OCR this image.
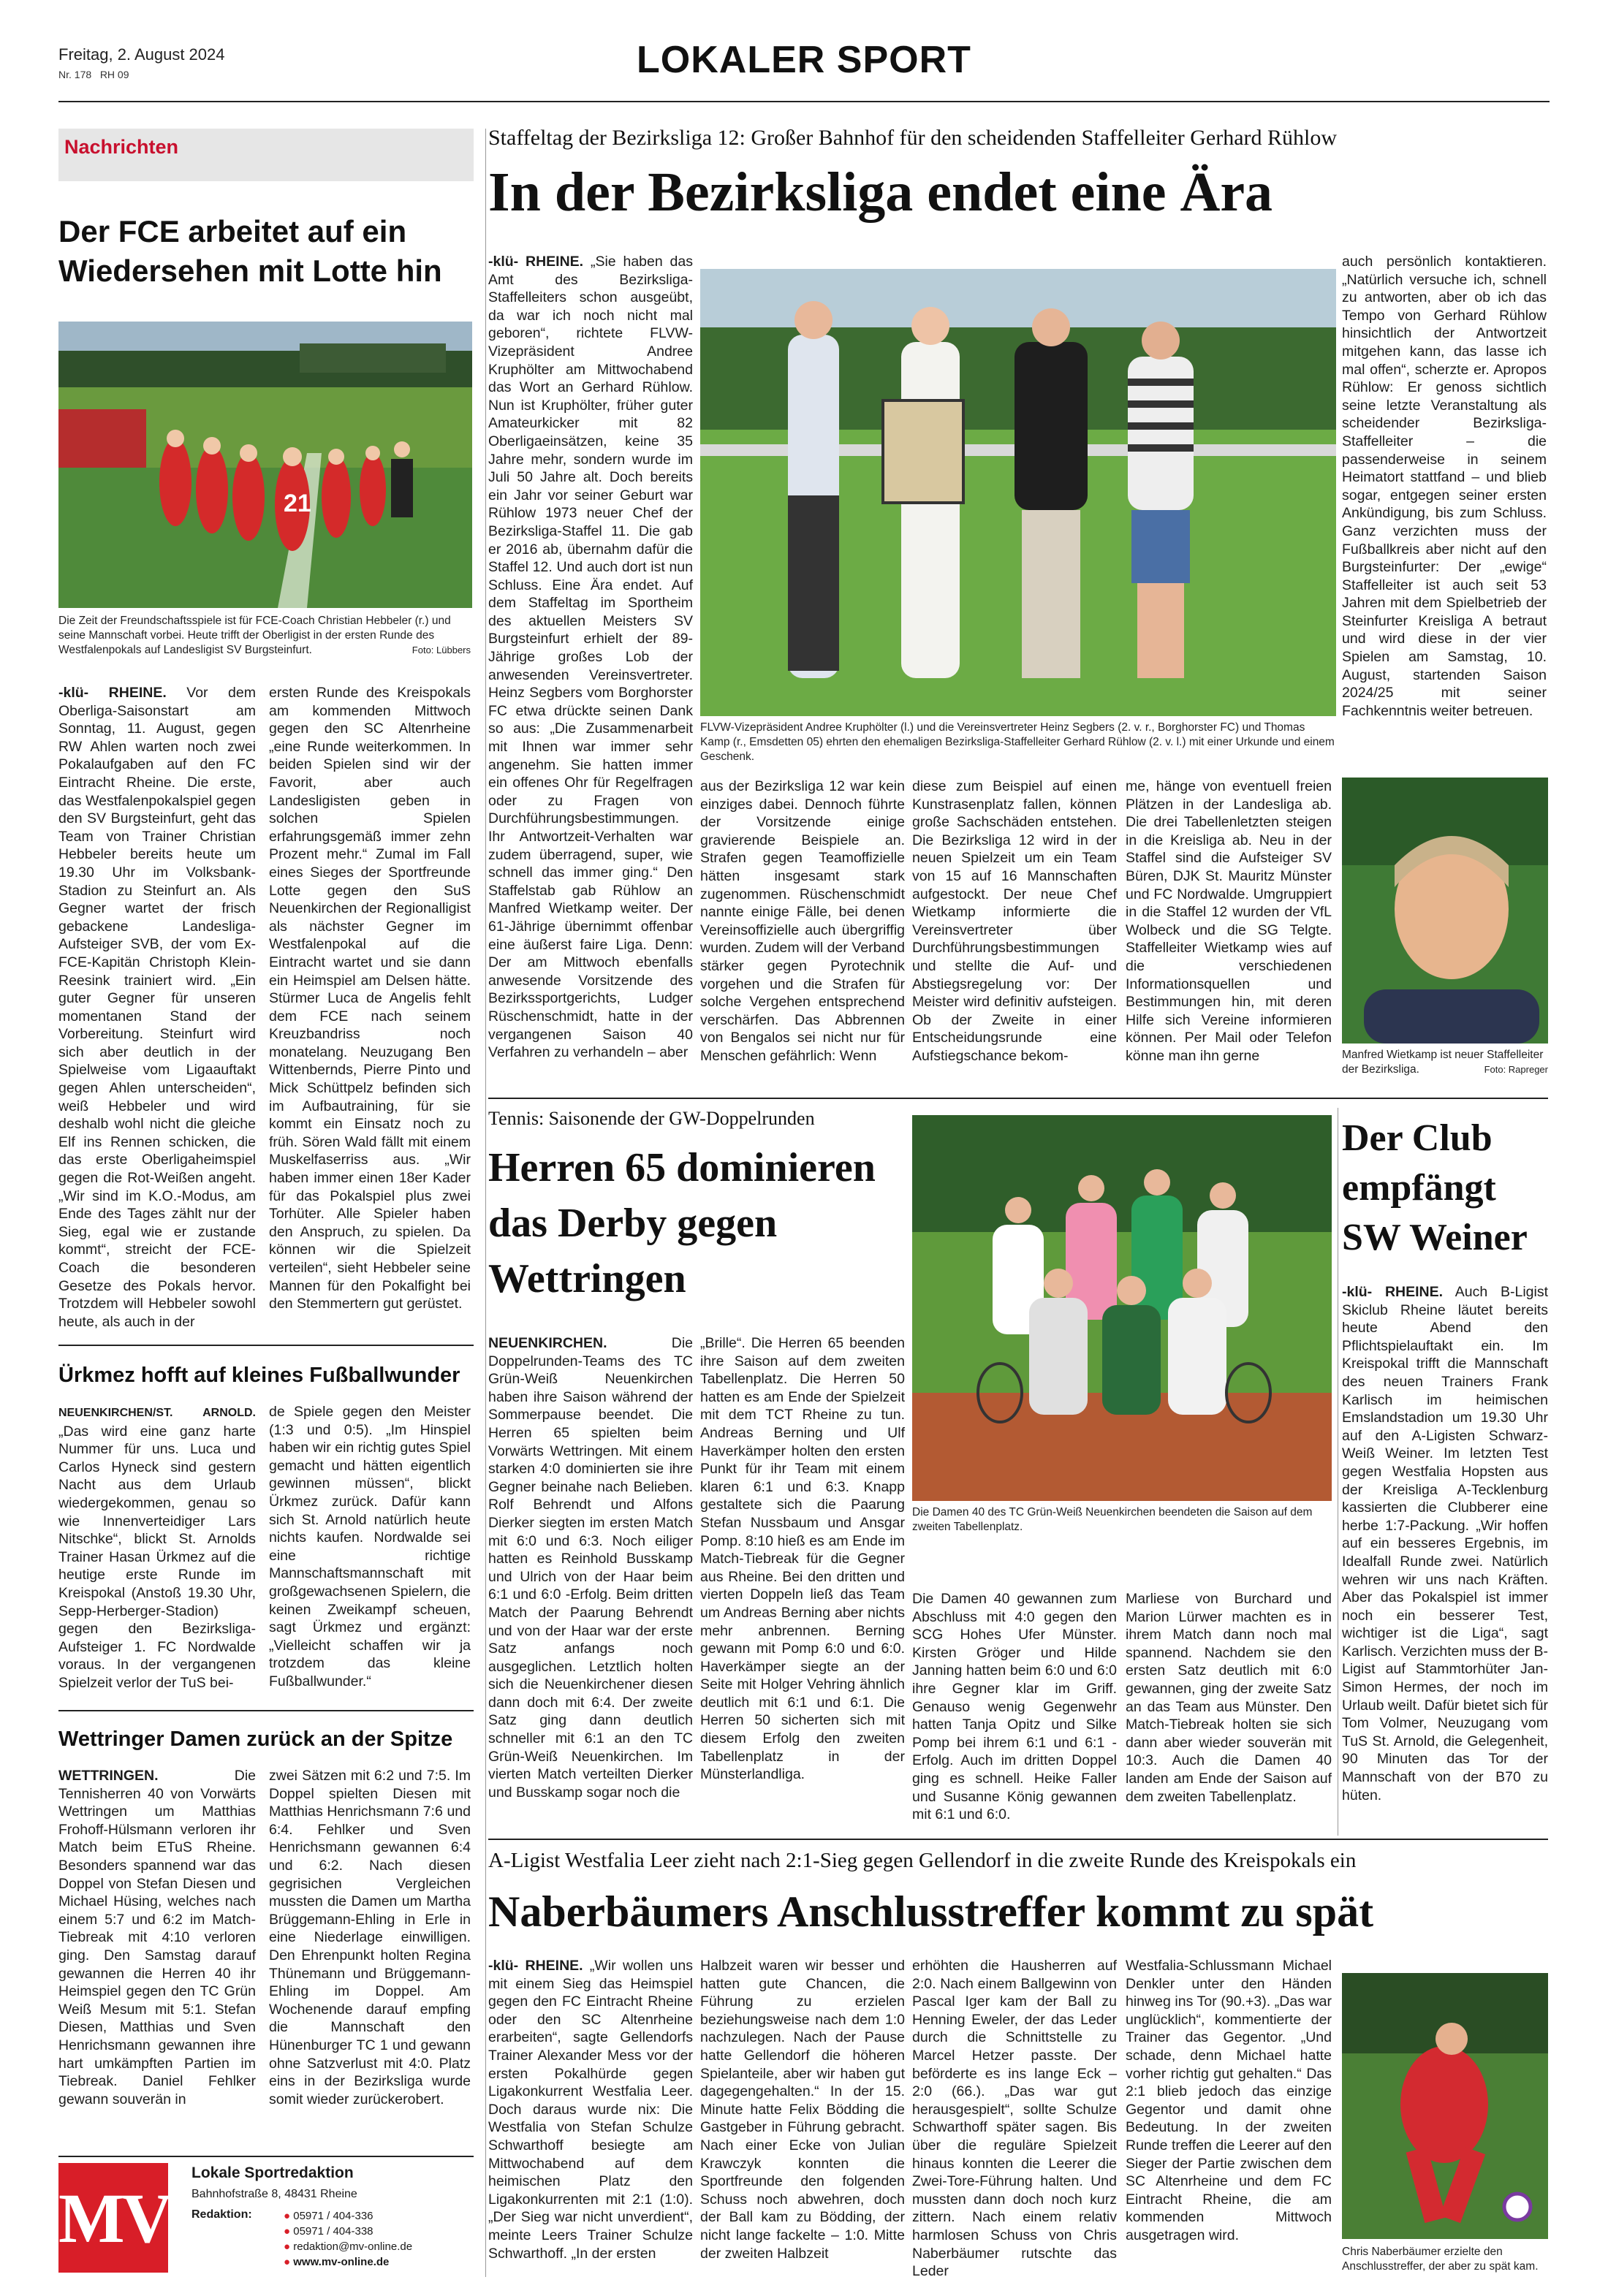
Freitag, 2. August 2024
Nr. 178 RH 09	LOKALER SPORT
Nachrichten
Der FCE arbeitet auf ein Wiedersehen mit Lotte hin
21
Die Zeit der Freundschaftsspiele ist für FCE-Coach Christian Hebbeler (r.) und seine Mannschaft vorbei. Heute trifft der Oberligist in der ersten Runde des Westfalenpokals auf Landesligist SV Burgsteinfurt.	Foto: Lübbers
-klü- RHEINE. Vor dem Oberliga-Saisonstart am Sonntag, 11. August, gegen RW Ahlen warten noch zwei Pokalaufgaben auf den FC Eintracht Rheine. Die erste, das Westfalenpokalspiel gegen den SV Burgsteinfurt, geht das Team von Trainer Christian Hebbeler bereits heute um 19.30 Uhr im Volksbank-Stadion zu Steinfurt an. Als Gegner wartet der frisch gebackene Landesliga-Aufsteiger SVB, der vom Ex-FCE-Kapitän Christoph Klein-Reesink trainiert wird. „Ein guter Gegner für unseren momentanen Stand der Vorbereitung. Steinfurt wird sich aber deutlich in der Spielweise vom Ligaauftakt gegen Ahlen unterscheiden“, weiß Hebbeler und wird deshalb wohl nicht die gleiche Elf ins Rennen schicken, die das erste Oberligaheimspiel gegen die Rot-Weißen angeht. „Wir sind im K.O.-Modus, am Ende des Tages zählt nur der Sieg, egal wie er zustande kommt“, streicht der FCE-Coach die besonderen Gesetze des Pokals hervor. Trotzdem will Hebbeler sowohl heute, als auch in der
ersten Runde des Kreispokals am kommenden Mittwoch gegen den SC Altenrheine „eine Runde weiterkommen. In beiden Spielen sind wir der Favorit, aber auch Landesligisten geben in solchen Spielen erfahrungsgemäß immer zehn Prozent mehr.“ Zumal im Fall eines Sieges der Sportfreunde Lotte gegen den SuS Neuenkirchen der Regionalligist als nächster Gegner im Westfalenpokal auf die Eintracht wartet und sie dann ein Heimspiel am Delsen hätte. Stürmer Luca de Angelis fehlt dem FCE nach seinem Kreuzbandriss noch monatelang. Neuzugang Ben Wittenbernds, Pierre Pinto und Mick Schüttpelz befinden sich im Aufbautraining, für sie kommt ein Einsatz noch zu früh. Sören Wald fällt mit einem Muskelfaserriss aus. „Wir haben immer einen 18er Kader für das Pokalspiel plus zwei Torhüter. Alle Spieler haben den Anspruch, zu spielen. Da können wir die Spielzeit verteilen“, sieht Hebbeler seine Mannen für den Pokalfight bei den Stemmertern gut gerüstet.
Ürkmez hofft auf kleines Fußballwunder
NEUENKIRCHEN/ST. ARNOLD. „Das wird eine ganz harte Nummer für uns. Luca und Carlos Hyneck sind gestern Nacht aus dem Urlaub wiedergekommen, genau so wie Innenverteidiger Lars Nitschke“, blickt St. Arnolds Trainer Hasan Ürkmez auf die heutige erste Runde im Kreispokal (Anstoß 19.30 Uhr, Sepp-Herberger-Stadion) gegen den Bezirksliga-Aufsteiger 1. FC Nordwalde voraus. In der vergangenen Spielzeit verlor der TuS bei-
de Spiele gegen den Meister (1:3 und 0:5). „Im Hinspiel haben wir ein richtig gutes Spiel gemacht und hätten eigentlich gewinnen müssen“, blickt Ürkmez zurück. Dafür kann sich St. Arnold natürlich heute nichts kaufen. Nordwalde sei eine richtige Mannschaftsmannschaft mit großgewachsenen Spielern, die keinen Zweikampf scheuen, sagt Ürkmez und ergänzt: „Vielleicht schaffen wir ja trotzdem das kleine Fußballwunder.“
Wettringer Damen zurück an der Spitze
WETTRINGEN. Die Tennisherren 40 von Vorwärts Wettringen um Matthias Frohoff-Hülsmann verloren ihr Match beim ETuS Rheine. Besonders spannend war das Doppel von Stefan Diesen und Michael Hüsing, welches nach einem 5:7 und 6:2 im Match-Tiebreak mit 4:10 verloren ging. Den Samstag darauf gewannen die Herren 40 ihr Heimspiel gegen den TC Grün Weiß Mesum mit 5:1. Stefan Diesen, Matthias und Sven Henrichsmann gewannen ihre hart umkämpften Partien im Tiebreak. Daniel Fehlker gewann souverän in
zwei Sätzen mit 6:2 und 7:5. Im Doppel spielten Diesen mit Matthias Henrichsmann 7:6 und 6:4. Fehlker und Sven Henrichsmann gewannen 6:4 und 6:2. Nach diesen gegrisichen Vergleichen mussten die Damen um Martha Brüggemann-Ehling in Erle in eine Niederlage einwilligen. Den Ehrenpunkt holten Regina Thünemann und Brüggemann-Ehling im Doppel. Am Wochenende darauf empfing die Mannschaft den Hünenburger TC 1 und gewann ohne Satzverlust mit 4:0. Platz eins in der Bezirksliga wurde somit wieder zurückerobert.
MV
Lokale Sportredaktion
Bahnhofstraße 8, 48431 Rheine
Redaktion:	● 05971 / 404-336
● 05971 / 404-338
● redaktion@mv-online.de
● www.mv-online.de
Staffeltag der Bezirksliga 12: Großer Bahnhof für den scheidenden Staffelleiter Gerhard Rühlow
In der Bezirksliga endet eine Ära
-klü- RHEINE. „Sie haben das Amt des Bezirksliga-Staffelleiters schon ausgeübt, da war ich noch nicht mal geboren“, richtete FLVW-Vizepräsident Andree Kruphölter am Mittwochabend das Wort an Gerhard Rühlow. Nun ist Kruphölter, früher guter Amateurkicker mit 82 Oberligaeinsätzen, keine 35 Jahre mehr, sondern wurde im Juli 50 Jahre alt. Doch bereits ein Jahr vor seiner Geburt war Rühlow 1973 neuer Chef der Bezirksliga-Staffel 11. Die gab er 2016 ab, übernahm dafür die Staffel 12. Und auch dort ist nun Schluss. Eine Ära endet. Auf dem Staffeltag im Sportheim des aktuellen Meisters SV Burgsteinfurt erhielt der 89-Jährige großes Lob der anwesenden Vereinsvertreter. Heinz Segbers vom Borghorster FC etwa drückte seinen Dank so aus: „Die Zusammenarbeit mit Ihnen war immer sehr angenehm. Sie hatten immer ein offenes Ohr für Regelfragen oder zu Fragen von Durchführungsbestimmungen. Ihr Antwortzeit-Verhalten war zudem überragend, super, wie schnell das immer ging.“ Den Staffelstab gab Rühlow an Manfred Wietkamp weiter. Der 61-Jährige übernimmt offenbar eine äußerst faire Liga. Denn: Der am Mittwoch ebenfalls anwesende Vorsitzende des Bezirkssportgerichts, Ludger Rüschenschmidt, hatte in der vergangenen Saison 40 Verfahren zu verhandeln – aber
FLVW-Vizepräsident Andree Kruphölter (l.) und die Vereinsvertreter Heinz Segbers (2. v. r., Borghorster FC) und Thomas Kamp (r., Emsdetten 05) ehrten den ehemaligen Bezirksliga-Staffelleiter Gerhard Rühlow (2. v. l.) mit einer Urkunde und einem Geschenk.
aus der Bezirksliga 12 war kein einziges dabei. Dennoch führte der Vorsitzende einige gravierende Beispiele an. Strafen gegen Teamoffizielle hätten insgesamt stark zugenommen. Rüschenschmidt nannte einige Fälle, bei denen Vereinsoffizielle auch übergriffig wurden. Zudem will der Verband stärker gegen Pyrotechnik vorgehen und die Strafen für solche Vergehen entsprechend verschärfen. Das Abbrennen von Bengalos sei nicht nur für Menschen gefährlich: Wenn
diese zum Beispiel auf einen Kunstrasenplatz fallen, können große Sachschäden entstehen. Die Bezirksliga 12 wird in der neuen Spielzeit um ein Team von 15 auf 16 Mannschaften aufgestockt. Der neue Chef Wietkamp informierte die Vereinsvertreter über Durchführungsbestimmungen und stellte die Auf- und Abstiegsregelung vor: Der Meister wird definitiv aufsteigen. Ob der Zweite in einer Entscheidungsrunde eine Aufstiegschance bekom-
me, hänge von eventuell freien Plätzen in der Landesliga ab. Die drei Tabellenletzten steigen in die Kreisliga ab. Neu in der Staffel sind die Aufsteiger SV Büren, DJK St. Mauritz Münster und FC Nordwalde. Umgruppiert in die Staffel 12 wurden der VfL Wolbeck und die SG Telgte. Staffelleiter Wietkamp wies auf die verschiedenen Informationsquellen und Bestimmungen hin, mit deren Hilfe sich Vereine informieren können. Per Mail oder Telefon könne man ihn gerne
auch persönlich kontaktieren. „Natürlich versuche ich, schnell zu antworten, aber ob ich das Tempo von Gerhard Rühlow hinsichtlich der Antwortzeit mitgehen kann, das lasse ich mal offen“, scherzte er. Apropos Rühlow: Er genoss sichtlich seine letzte Veranstaltung als scheidender Bezirksliga-Staffelleiter – die passenderweise in seinem Heimatort stattfand – und blieb sogar, entgegen seiner ersten Ankündigung, bis zum Schluss. Ganz verzichten muss der Fußballkreis aber nicht auf den Burgsteinfurter: Der „ewige“ Staffelleiter ist auch seit 53 Jahren mit dem Spielbetrieb der Steinfurter Kreisliga A betraut und wird diese in der vier Spielen am Samstag, 10. August, startenden Saison 2024/25 mit seiner Fachkenntnis weiter betreuen.
Manfred Wietkamp ist neuer Staffelleiter der Bezirksliga.	Foto: Rapreger
Tennis: Saisonende der GW-Doppelrunden
Herren 65 dominieren das Derby gegen Wettringen
NEUENKIRCHEN. Die Doppelrunden-Teams des TC Grün-Weiß Neuenkirchen haben ihre Saison während der Sommerpause beendet. Die Herren 65 spielten beim Vorwärts Wettringen. Mit einem starken 4:0 dominierten sie ihre Gegner beinahe nach Belieben. Rolf Behrendt und Alfons Dierker siegten im ersten Match mit 6:0 und 6:3. Noch eiliger hatten es Reinhold Busskamp und Ulrich von der Haar beim 6:1 und 6:0 -Erfolg. Beim dritten Match der Paarung Behrendt und von der Haar war der erste Satz anfangs noch ausgeglichen. Letztlich holten sich die Neuenkirchener diesen dann doch mit 6:4. Der zweite Satz ging dann deutlich schneller mit 6:1 an den TC Grün-Weiß Neuenkirchen. Im vierten Match verteilten Dierker und Busskamp sogar noch die
„Brille“. Die Herren 65 beenden ihre Saison auf dem zweiten Tabellenplatz. Die Herren 50 hatten es am Ende der Spielzeit mit dem TCT Rheine zu tun. Andreas Berning und Ulf Haverkämper holten den ersten Punkt für ihr Team mit einem klaren 6:1 und 6:3. Knapp gestaltete sich die Paarung Stefan Nussbaum und Ansgar Pomp. 8:10 hieß es am Ende im Match-Tiebreak für die Gegner aus Rheine. Bei den dritten und vierten Doppeln ließ das Team um Andreas Berning aber nichts mehr anbrennen. Berning gewann mit Pomp 6:0 und 6:0. Haverkämper siegte an der Seite mit Holger Vehring ähnlich deutlich mit 6:1 und 6:1. Die Herren 50 sicherten sich mit diesem Erfolg den zweiten Tabellenplatz in der Münsterlandliga.
Die Damen 40 des TC Grün-Weiß Neuenkirchen beendeten die Saison auf dem zweiten Tabellenplatz.
Die Damen 40 gewannen zum Abschluss mit 4:0 gegen den SCG Hohes Ufer Münster. Kirsten Gröger und Hilde Janning hatten beim 6:0 und 6:0 ihre Gegner klar im Griff. Genauso wenig Gegenwehr hatten Tanja Opitz und Silke Pomp bei ihrem 6:1 und 6:1 -Erfolg. Auch im dritten Doppel ging es schnell. Heike Faller und Susanne König gewannen mit 6:1 und 6:0.
Marliese von Burchard und Marion Lürwer machten es in ihrem Match dann noch mal spannend. Nachdem sie den ersten Satz deutlich mit 6:0 gewannen, ging der zweite Satz an das Team aus Münster. Den Match-Tiebreak holten sie sich dann aber wieder souverän mit 10:3. Auch die Damen 40 landen am Ende der Saison auf dem zweiten Tabellenplatz.
Der Club empfängt SW Weiner
-klü- RHEINE. Auch B-Ligist Skiclub Rheine läutet bereits heute Abend den Pflichtspielauftakt ein. Im Kreispokal trifft die Mannschaft des neuen Trainers Frank Karlisch im heimischen Emslandstadion um 19.30 Uhr auf den A-Ligisten Schwarz-Weiß Weiner. Im letzten Test gegen Westfalia Hopsten aus der Kreisliga A-Tecklenburg kassierten die Clubberer eine herbe 1:7-Packung. „Wir hoffen auf ein besseres Ergebnis, im Idealfall Runde zwei. Natürlich wehren wir uns nach Kräften. Aber das Pokalspiel ist immer noch ein besserer Test, wichtiger ist die Liga“, sagt Karlisch. Verzichten muss der B-Ligist auf Stammtorhüter Jan-Simon Hermes, der noch im Urlaub weilt. Dafür bietet sich für Tom Volmer, Neuzugang vom TuS St. Arnold, die Gelegenheit, 90 Minuten das Tor der Mannschaft von der B70 zu hüten.
A-Ligist Westfalia Leer zieht nach 2:1-Sieg gegen Gellendorf in die zweite Runde des Kreispokals ein
Naberbäumers Anschlusstreffer kommt zu spät
-klü- RHEINE. „Wir wollen uns mit einem Sieg das Heimspiel gegen den FC Eintracht Rheine oder den SC Altenrheine erarbeiten“, sagte Gellendorfs Trainer Alexander Mess vor der ersten Pokalhürde gegen Ligakonkurrent Westfalia Leer. Doch daraus wurde nix: Die Westfalia von Stefan Schulze Schwarthoff besiegte am Mittwochabend auf dem heimischen Platz den Ligakonkurrenten mit 2:1 (1:0). „Der Sieg war nicht unverdient“, meinte Leers Trainer Schulze Schwarthoff. „In der ersten
Halbzeit waren wir besser und hatten gute Chancen, die Führung zu erzielen beziehungsweise nach dem 1:0 nachzulegen. Nach der Pause hatte Gellendorf die höheren Spielanteile, aber wir haben gut dagegengehalten.“ In der 15. Minute hatte Felix Bödding die Gastgeber in Führung gebracht. Nach einer Ecke von Julian Krawczyk konnten die Sportfreunde den folgenden Schuss noch abwehren, doch der Ball kam zu Bödding, der nicht lange fackelte – 1:0. Mitte der zweiten Halbzeit
erhöhten die Hausherren auf 2:0. Nach einem Ballgewinn von Pascal Iger kam der Ball zu Henning Eweler, der das Leder durch die Schnittstelle zu Marcel Hetzer passte. Der beförderte es ins lange Eck – 2:0 (66.). „Das war gut herausgespielt“, sollte Schulze Schwarthoff später sagen. Bis über die reguläre Spielzeit hinaus konnten die Leerer die Zwei-Tore-Führung halten. Und mussten dann doch noch kurz zittern. Nach einem relativ harmlosen Schuss von Chris Naberbäumer rutschte das Leder
Westfalia-Schlussmann Michael Denkler unter den Händen hinweg ins Tor (90.+3). „Das war unglücklich“, kommentierte der Trainer das Gegentor. „Und schade, denn Michael hatte vorher richtig gut gehalten.“ Das 2:1 blieb jedoch das einzige Gegentor und damit ohne Bedeutung. In der zweiten Runde treffen die Leerer auf den Sieger der Partie zwischen dem SC Altenrheine und dem FC Eintracht Rheine, die am kommenden Mittwoch ausgetragen wird.
Chris Naberbäumer erzielte den Anschlusstreffer, der aber zu spät kam.
